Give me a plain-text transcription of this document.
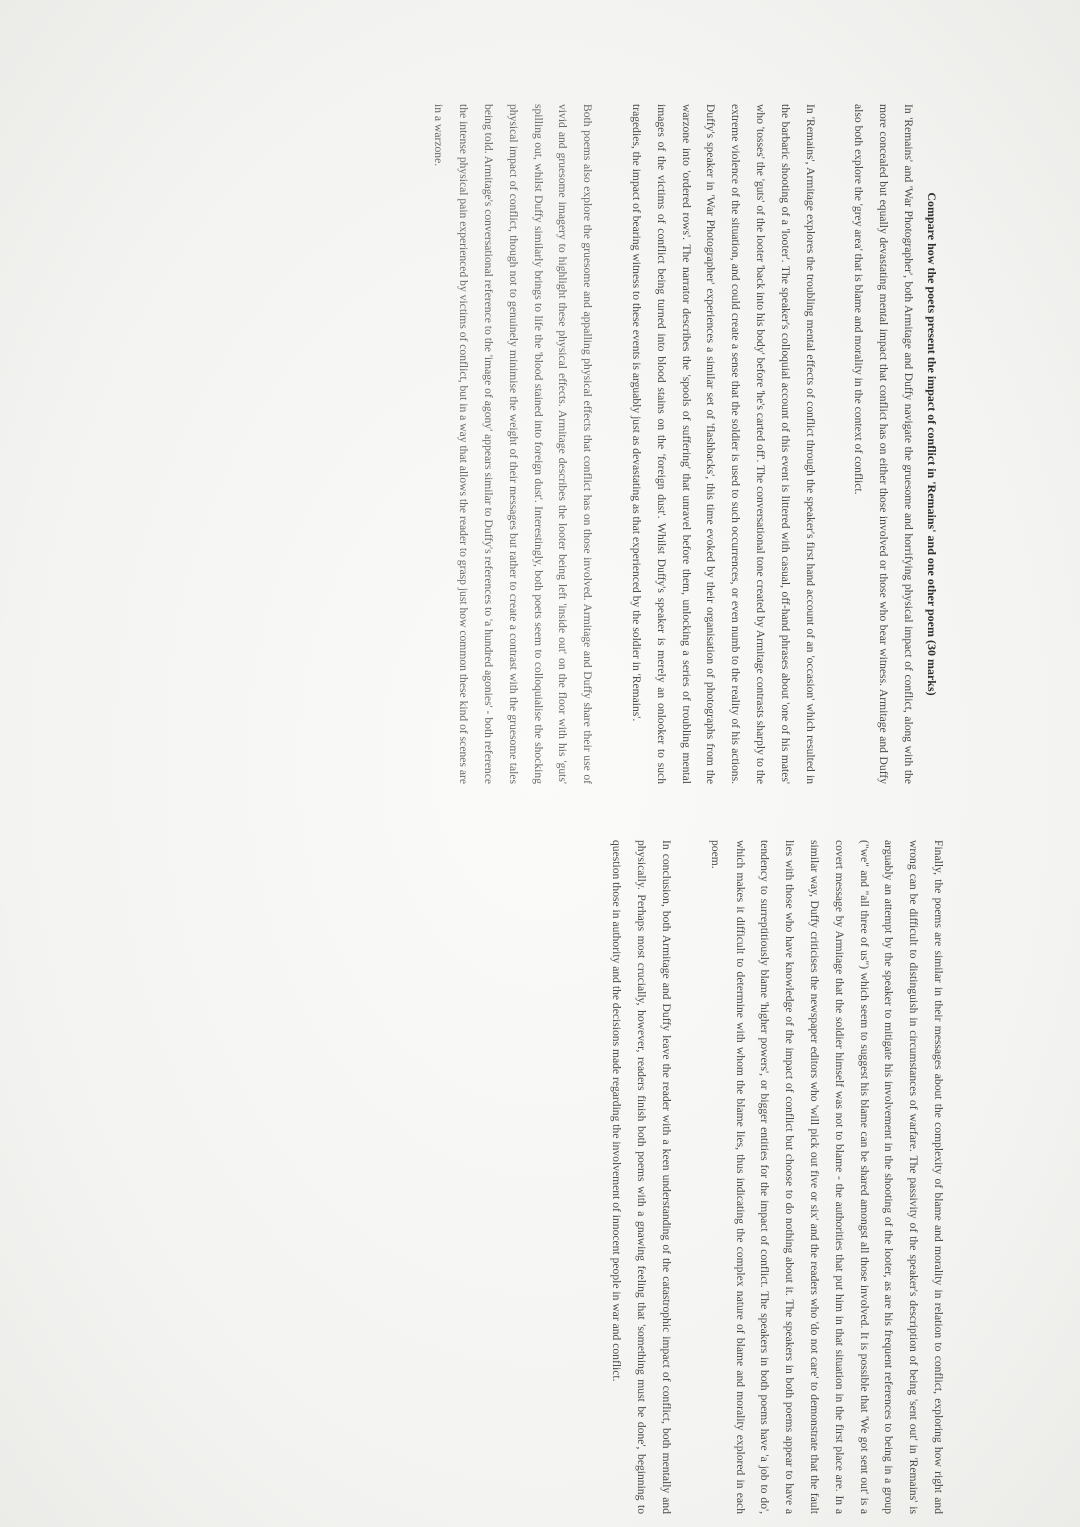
Compare how the poets present the impact of conflict in 'Remains' and one other poem (30 marks)

In 'Remains' and 'War Photographer', both Armitage and Duffy navigate the gruesome and horrifying physical impact of conflict, along with the more concealed but equally devastating mental impact that conflict has on either those involved or those who bear witness. Armitage and Duffy also both explore the 'grey area' that is blame and morality in the context of conflict.

In 'Remains', Armitage explores the troubling mental effects of conflict through the speaker's first hand account of an 'occasion' which resulted in the barbaric shooting of a 'looter'. The speaker's colloquial account of this event is littered with casual, off-hand phrases about 'one of his mates' who 'tosses' the 'guts' of the looter 'back into his body' before 'he's carted off'. The conversational tone created by Armitage contrasts sharply to the extreme violence of the situation, and could create a sense that the soldier is used to such occurrences, or even numb to the reality of his actions. Duffy's speaker in 'War Photographer' experiences a similar set of 'flashbacks', this time evoked by their organisation of photographs from the warzone into 'ordered rows'. The narrator describes the 'spools of suffering' that unravel before them, unlocking a series of troubling mental images of the victims of conflict being turned into blood stains on the 'foreign dust'. Whilst Duffy's speaker is merely an onlooker to such tragedies, the impact of bearing witness to these events is arguably just as devastating as that experienced by the soldier in 'Remains'.

Both poems also explore the gruesome and appalling physical effects that conflict has on those involved. Armitage and Duffy share their use of vivid and gruesome imagery to highlight these physical effects. Armitage describes the looter being left 'inside out' on the floor with his 'guts' spilling out, whilst Duffy similarly brings to life the 'blood stained into foreign dust'. Interestingly, both poets seem to colloquialise the shocking physical impact of conflict, though not to genuinely minimise the weight of their messages but rather to create a contrast with the gruesome tales being told. Armitage's conversational reference to the 'image of agony' appears similar to Duffy's references to 'a hundred agonies' - both reference the intense physical pain experienced by victims of conflict, but in a way that allows the reader to grasp just how common these kind of scenes are in a warzone.

Finally, the poems are similar in their messages about the complexity of blame and morality in relation to conflict, exploring how right and wrong can be difficult to distinguish in circumstances of warfare. The passivity of the speaker's description of being 'sent out' in 'Remains' is arguably an attempt by the speaker to mitigate his involvement in the shooting of the looter, as are his frequent references to being in a group ("we" and "all three of us") which seem to suggest his blame can be shared amongst all those involved. It is possible that 'We got sent out' is a covert message by Armitage that the soldier himself was not to blame - the authorities that put him in that situation in the first place are. In a similar way, Duffy criticises the newspaper editors who 'will pick out five or six' and the readers who 'do not care' to demonstrate that the fault lies with those who have knowledge of the impact of conflict but choose to do nothing about it. The speakers in both poems appear to have a tendency to surreptitiously blame 'higher powers', or bigger entities for the impact of conflict. The speakers in both poems have 'a job to do', which makes it difficult to determine with whom the blame lies, thus indicating the complex nature of blame and morality explored in each poem.

In conclusion, both Armitage and Duffy leave the reader with a keen understanding of the catastrophic impact of conflict, both mentally and physically. Perhaps most crucially, however, readers finish both poems with a gnawing feeling that 'something must be done', beginning to question those in authority and the decisions made regarding the involvement of innocent people in war and conflict.
